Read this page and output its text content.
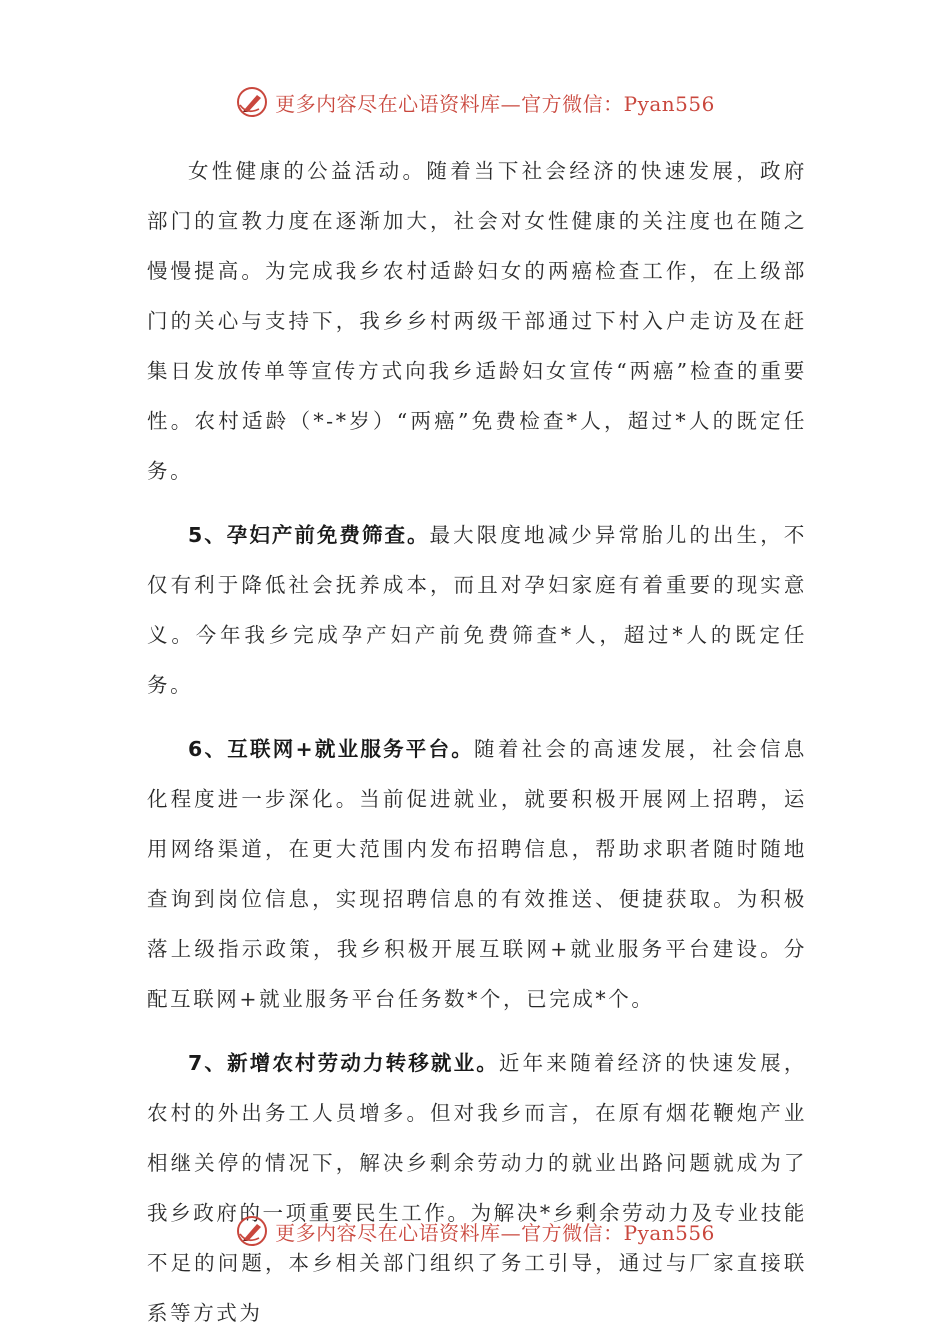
更多内容尽在心语资料库—官方微信：Pyan556

女性健康的公益活动。随着当下社会经济的快速发展，政府部门的宣教力度在逐渐加大，社会对女性健康的关注度也在随之慢慢提高。为完成我乡农村适龄妇女的两癌检查工作，在上级部门的关心与支持下，我乡乡村两级干部通过下村入户走访及在赶集日发放传单等宣传方式向我乡适龄妇女宣传“两癌”检查的重要性。农村适龄（*-*岁）“两癌”免费检查*人，超过*人的既定任务。

5、孕妇产前免费筛查。最大限度地减少异常胎儿的出生，不仅有利于降低社会抚养成本，而且对孕妇家庭有着重要的现实意义。今年我乡完成孕产妇产前免费筛查*人，超过*人的既定任务。

6、互联网+就业服务平台。随着社会的高速发展，社会信息化程度进一步深化。当前促进就业，就要积极开展网上招聘，运用网络渠道，在更大范围内发布招聘信息，帮助求职者随时随地查询到岗位信息，实现招聘信息的有效推送、便捷获取。为积极落上级指示政策，我乡积极开展互联网+就业服务平台建设。分配互联网+就业服务平台任务数*个，已完成*个。

7、新增农村劳动力转移就业。近年来随着经济的快速发展，农村的外出务工人员增多。但对我乡而言，在原有烟花鞭炮产业相继关停的情况下，解决乡剩余劳动力的就业出路问题就成为了我乡政府的一项重要民生工作。为解决*乡剩余劳动力及专业技能不足的问题，本乡相关部门组织了务工引导，通过与厂家直接联系等方式为

更多内容尽在心语资料库—官方微信：Pyan556
